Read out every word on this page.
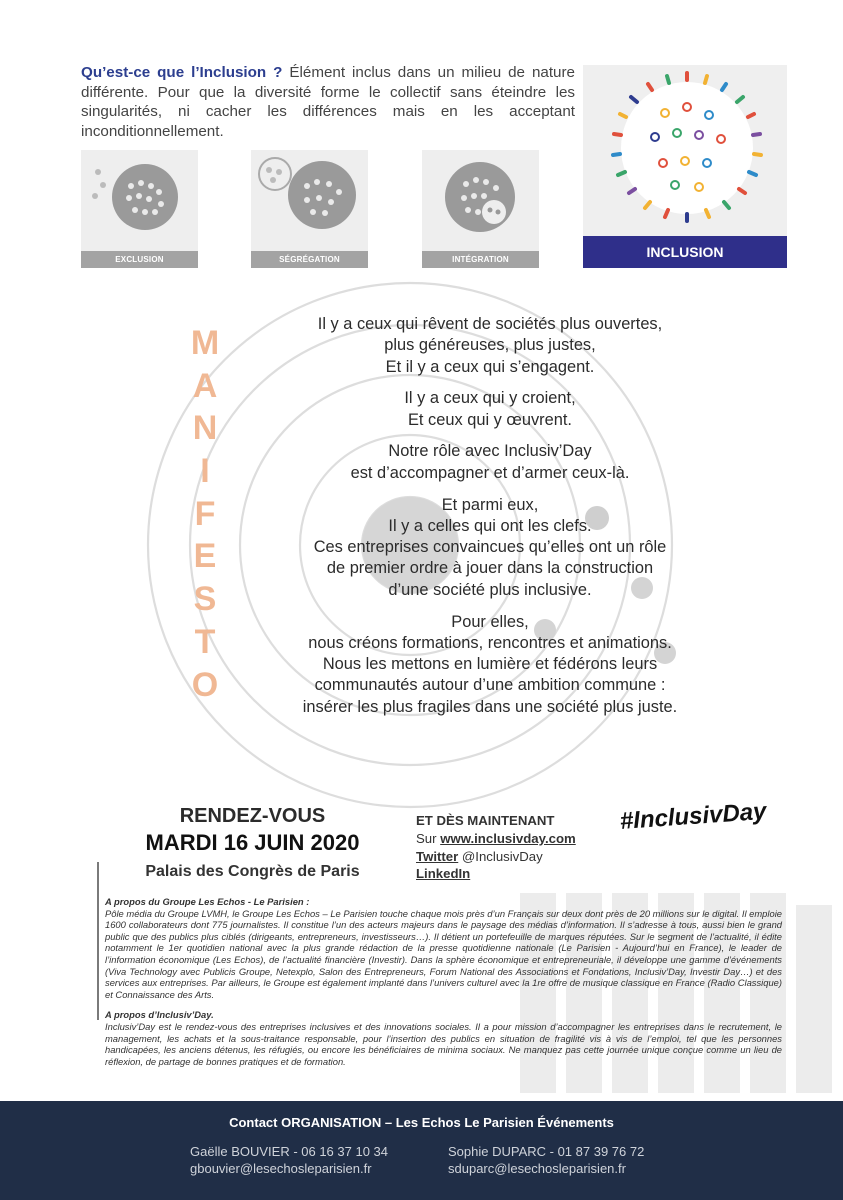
Qu’est-ce que l’Inclusion ? Élément inclus dans un milieu de nature différente. Pour que la diversité forme le collectif sans éteindre les singularités, ni cacher les différences mais en les acceptant inconditionnellement.
EXCLUSION	SÉGRÉGATION	INTÉGRATION	INCLUSION
M
A
N
I
F
E
S
T
O

Il y a ceux qui rêvent de sociétés plus ouvertes,
plus généreuses, plus justes,
Et il y a ceux qui s’engagent.

Il y a ceux qui y croient,
Et ceux qui y œuvrent.

Notre rôle avec Inclusiv’Day
est d’accompagner et d’armer ceux-là.

Et parmi eux,
Il y a celles qui ont les clefs.
Ces entreprises convaincues qu’elles ont un rôle
de premier ordre à jouer dans la construction
d’une société plus inclusive.

Pour elles,
nous créons formations, rencontres et animations.
Nous les mettons en lumière et fédérons leurs
communautés autour d’une ambition commune :
insérer les plus fragiles dans une société plus juste.

RENDEZ-VOUS
MARDI 16 JUIN 2020
Palais des Congrès de Paris
ET DÈS MAINTENANT
Sur www.inclusivday.com
Twitter @InclusivDay
LinkedIn
#InclusivDay
A propos du Groupe Les Echos - Le Parisien :

Pôle média du Groupe LVMH, le Groupe Les Echos – Le Parisien touche chaque mois près d’un Français sur deux dont près de 20 millions sur le digital. Il emploie 1600 collaborateurs dont 775 journalistes. Il constitue l’un des acteurs majeurs dans le paysage des médias d’information. Il s’adresse à tous, aussi bien le grand public que des publics plus ciblés (dirigeants, entrepreneurs, investisseurs…). Il détient un portefeuille de marques réputées. Sur le segment de l’actualité, il édite notamment le 1er quotidien national avec la plus grande rédaction de la presse quotidienne nationale (Le Parisien - Aujourd’hui en France), le leader de l’information économique (Les Echos), de l’actualité financière (Investir). Dans la sphère économique et entrepreneuriale, il développe une gamme d’événements (Viva Technology avec Publicis Groupe, Netexplo, Salon des Entrepreneurs, Forum National des Associations et Fondations, Inclusiv’Day, Investir Day…) et des services aux entreprises. Par ailleurs, le Groupe est également implanté dans l’univers culturel avec la 1re offre de musique classique en France (Radio Classique) et Connaissance des Arts.

A propos d’Inclusiv’Day.

Inclusiv’Day est le rendez-vous des entreprises inclusives et des innovations sociales. Il a pour mission d’accompagner les entreprises dans le recrutement, le management, les achats et la sous-traitance responsable, pour l’insertion des publics en situation de fragilité vis à vis de l’emploi, tel que les personnes handicapées, les anciens détenus, les réfugiés, ou encore les bénéficiaires de minima sociaux. Ne manquez pas cette journée unique conçue comme un lieu de réflexion, de partage de bonnes pratiques et de formation.

Contact ORGANISATION – Les Echos Le Parisien Événements
Gaëlle BOUVIER - 06 16 37 10 34
gbouvier@lesechosleparisien.fr
Sophie DUPARC - 01 87 39 76 72
sduparc@lesechosleparisien.fr
